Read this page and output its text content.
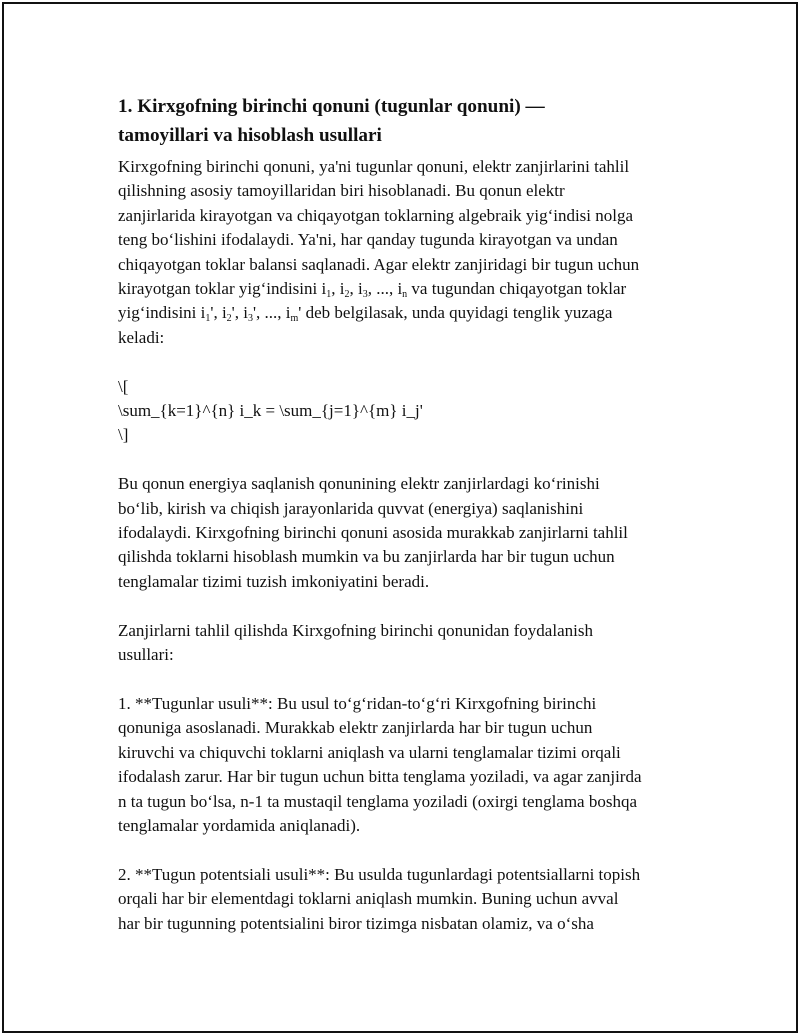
1. Kirxgofning birinchi qonuni (tugunlar qonuni) —
tamoyillari va hisoblash usullari
Kirxgofning birinchi qonuni, ya'ni tugunlar qonuni, elektr zanjirlarini tahlil
qilishning asosiy tamoyillaridan biri hisoblanadi. Bu qonun elektr
zanjirlarida kirayotgan va chiqayotgan toklarning algebraik yig‘indisi nolga
teng bo‘lishini ifodalaydi. Ya'ni, har qanday tugunda kirayotgan va undan
chiqayotgan toklar balansi saqlanadi. Agar elektr zanjiridagi bir tugun uchun
kirayotgan toklar yig‘indisini $i_1$, $i_2$, $i_3$, ..., $i_n$ va tugundan chiqayotgan toklar
yig‘indisini $i_1'$, $i_2'$, $i_3'$, ..., $i_m'$ deb belgilasak, unda quyidagi tenglik yuzaga
keladi:
\[
\sum_{k=1}^{n} i_k = \sum_{j=1}^{m} i_j'
\]
Bu qonun energiya saqlanish qonunining elektr zanjirlardagi ko‘rinishi
bo‘lib, kirish va chiqish jarayonlarida quvvat (energiya) saqlanishini
ifodalaydi. Kirxgofning birinchi qonuni asosida murakkab zanjirlarni tahlil
qilishda toklarni hisoblash mumkin va bu zanjirlarda har bir tugun uchun
tenglamalar tizimi tuzish imkoniyatini beradi.
Zanjirlarni tahlil qilishda Kirxgofning birinchi qonunidan foydalanish
usullari:
1. **Tugunlar usuli**: Bu usul to‘g‘ridan-to‘g‘ri Kirxgofning birinchi
qonuniga asoslanadi. Murakkab elektr zanjirlarda har bir tugun uchun
kiruvchi va chiquvchi toklarni aniqlash va ularni tenglamalar tizimi orqali
ifodalash zarur. Har bir tugun uchun bitta tenglama yoziladi, va agar zanjirda
n ta tugun bo‘lsa, n-1 ta mustaqil tenglama yoziladi (oxirgi tenglama boshqa
tenglamalar yordamida aniqlanadi).
2. **Tugun potentsiali usuli**: Bu usulda tugunlardagi potentsiallarni topish
orqali har bir elementdagi toklarni aniqlash mumkin. Buning uchun avval
har bir tugunning potentsialini biror tizimga nisbatan olamiz, va o‘sha
